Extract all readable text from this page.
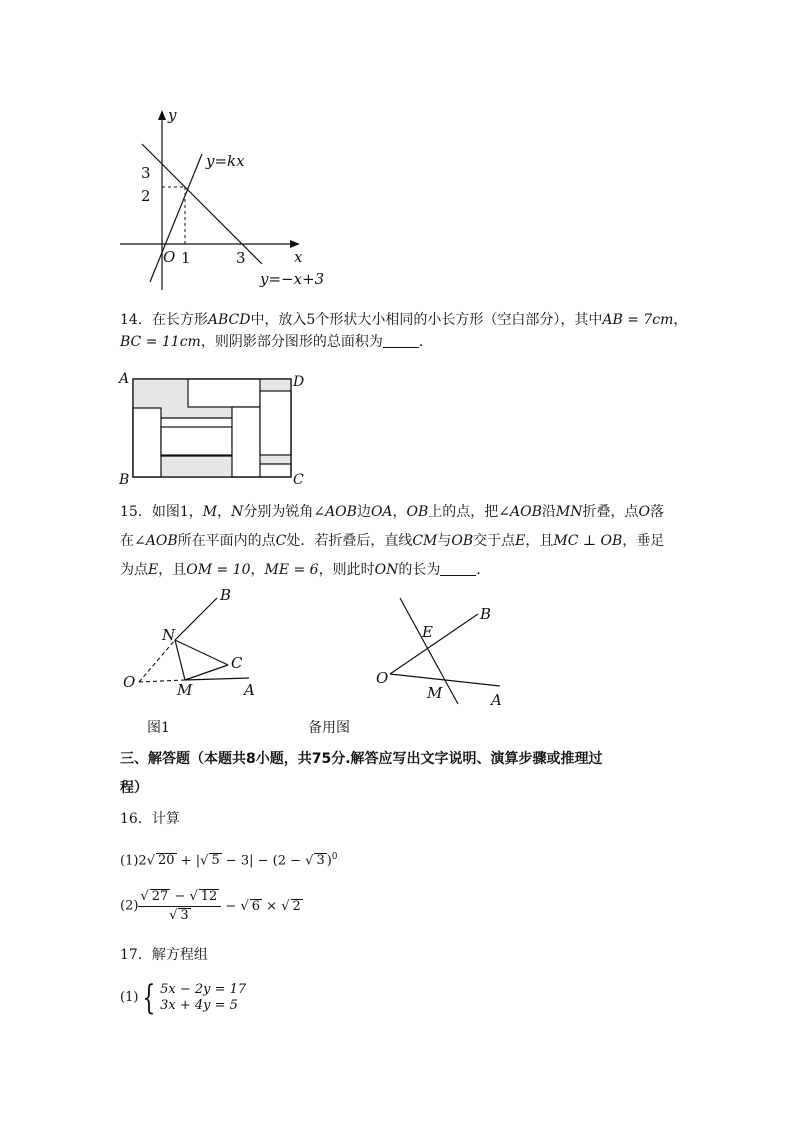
y
x
y=kx
y=−x+3
3
2
O 1	3
14．在长方形ABCD中，放入5个形状大小相同的小长方形（空白部分），其中AB = 7cm，
BC = 11cm，则阴影部分图形的总面积为	．
A	D
B	C
15．如图1，M，N分别为锐角∠AOB边OA，OB上的点，把∠AOB沿MN折叠，点O落
在∠AOB所在平面内的点C处．若折叠后，直线CM与OB交于点E，且MC ⊥ OB，垂足
为点E，且OM = 10，ME = 6，则此时ON的长为	．
B
N
C
O	M	A
图1
E
B
O
M	A
备用图
三、解答题（本题共8小题，共75分.解答应写出文字说明、演算步骤或推理过
程）
16．计算
(1)2√ 20 + |√ 5 − 3| − (2 − √ 3 )$^0$
$(2) \frac{√ 27 - √ 12}{√ 3}$ − √ 6 × √ 2
17．解方程组
(1) { 5x − 2y = 17
3x + 4y = 5
